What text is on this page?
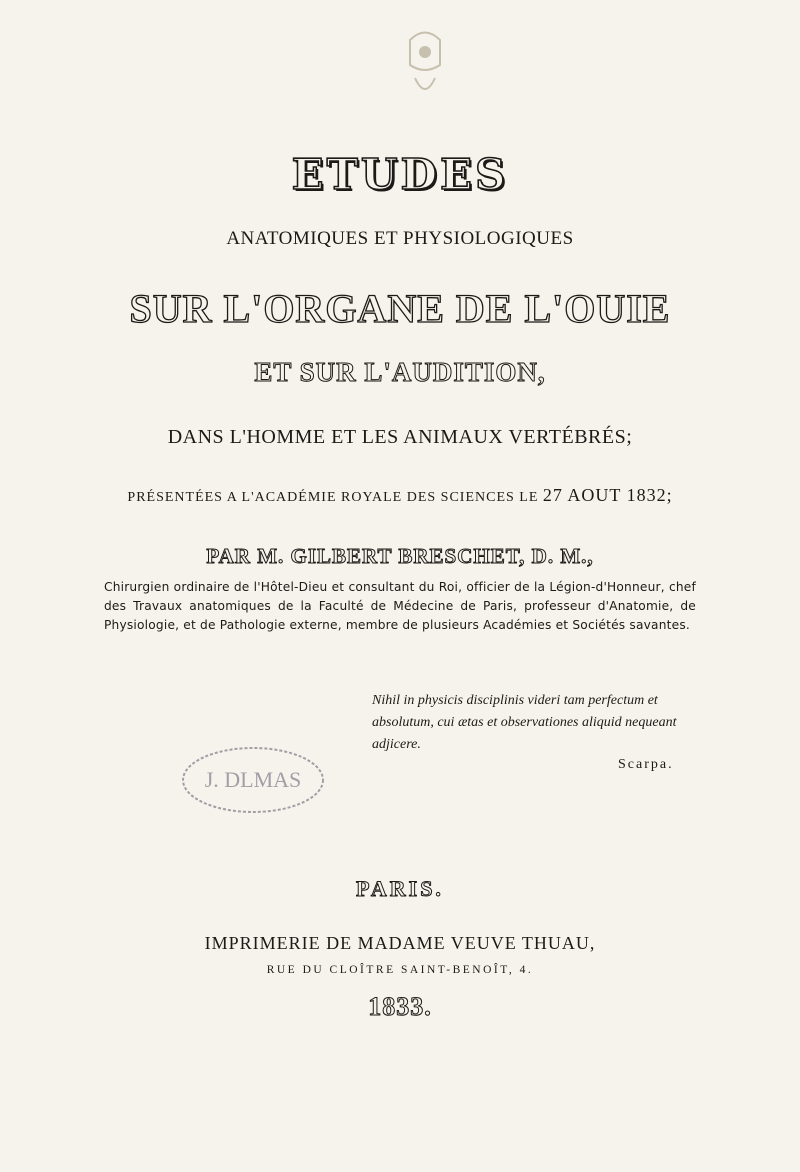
ETUDES
ANATOMIQUES ET PHYSIOLOGIQUES
SUR L'ORGANE DE L'OUIE
ET SUR L'AUDITION,
DANS L'HOMME ET LES ANIMAUX VERTÉBRÉS;
PRÉSENTÉES A L'ACADÉMIE ROYALE DES SCIENCES LE 27 AOUT 1832;
PAR M. GILBERT BRESCHET, D. M.,
Chirurgien ordinaire de l'Hôtel-Dieu et consultant du Roi, officier de la Légion-d'Honneur, chef des Travaux anatomiques de la Faculté de Médecine de Paris, professeur d'Anatomie, de Physiologie, et de Pathologie externe, membre de plusieurs Académies et Sociétés savantes.
Nihil in physicis disciplinis videri tam perfectum et absolutum, cui ætas et observationes aliquid nequeant adjicere.
Scarpa.
J. DLMAS
PARIS.
IMPRIMERIE DE MADAME VEUVE THUAU,
RUE DU CLOÎTRE SAINT-BENOÎT, 4.
1833.
